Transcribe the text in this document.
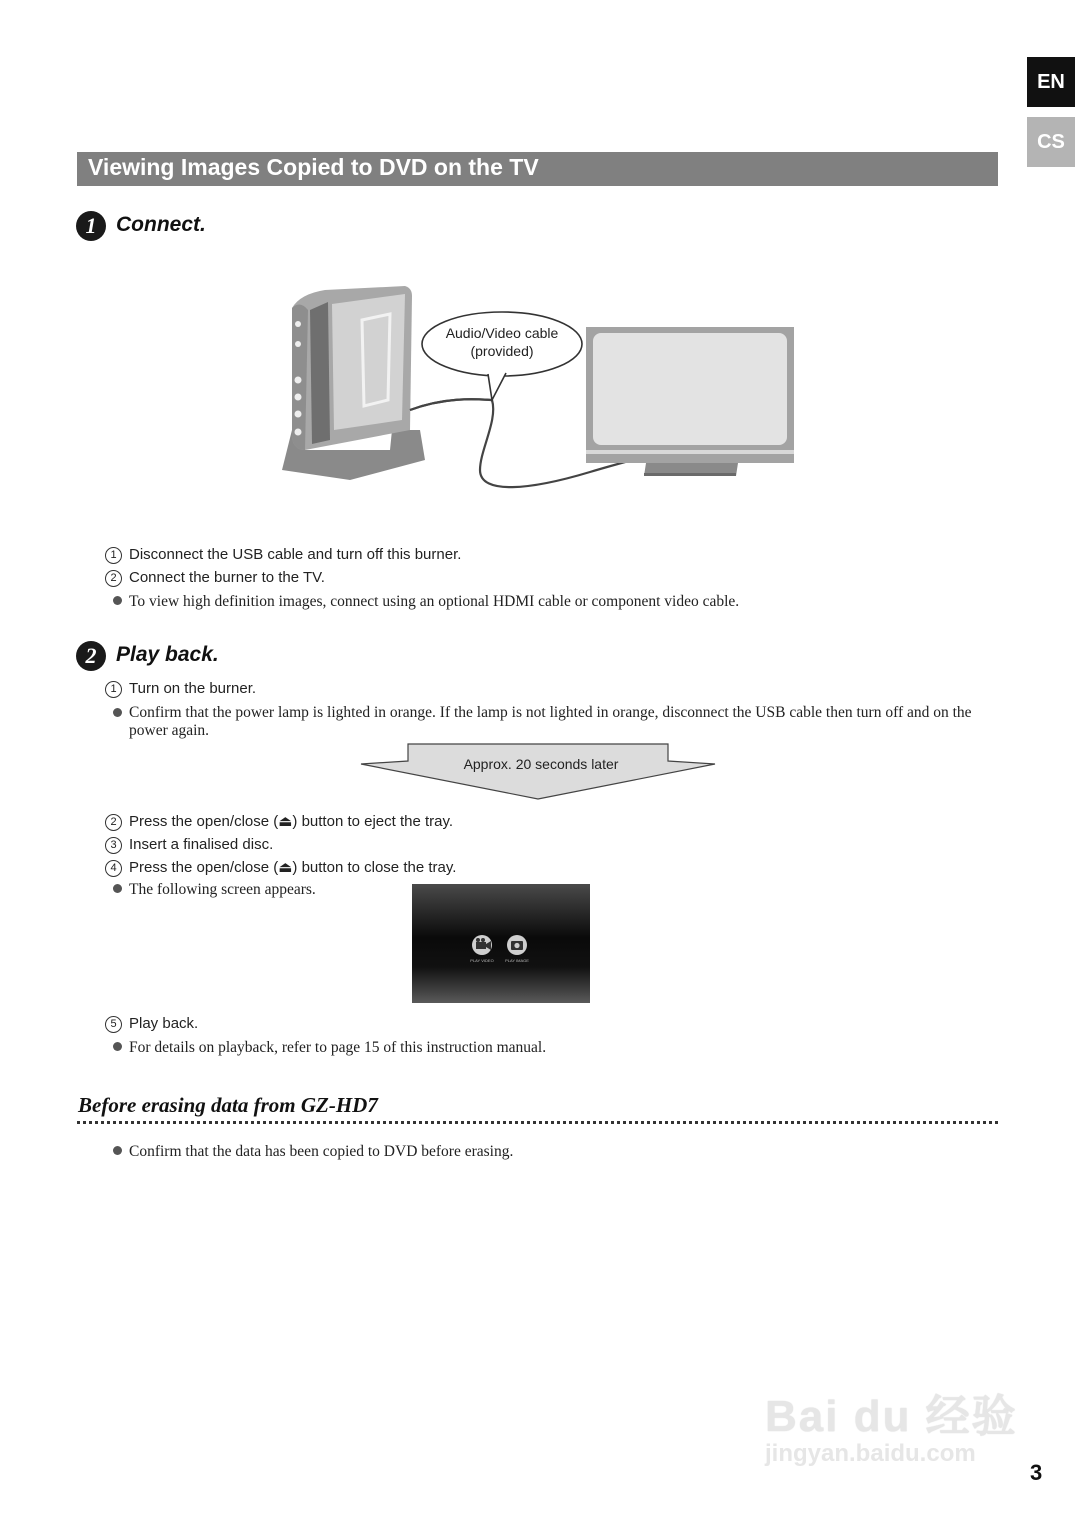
EN
CS
Viewing Images Copied to DVD on the TV
1 Connect.
Audio/Video cable
(provided)
1 Disconnect the USB cable and turn off this burner.
2 Connect the burner to the TV.
To view high definition images, connect using an optional HDMI cable or component video cable.
2 Play back.
1 Turn on the burner.
Confirm that the power lamp is lighted in orange. If the lamp is not lighted in orange, disconnect the USB cable then turn off and on the power again.
Approx. 20 seconds later
2 Press the open/close (⏏) button to eject the tray.
3 Insert a finalised disc.
4 Press the open/close (⏏) button to close the tray.
The following screen appears.
PLAY VIDEO	PLAY IMAGE
5 Play back.
For details on playback, refer to page 15 of this instruction manual.
Before erasing data from GZ-HD7
Confirm that the data has been copied to DVD before erasing.
Bai du 经验
jingyan.baidu.com
3
